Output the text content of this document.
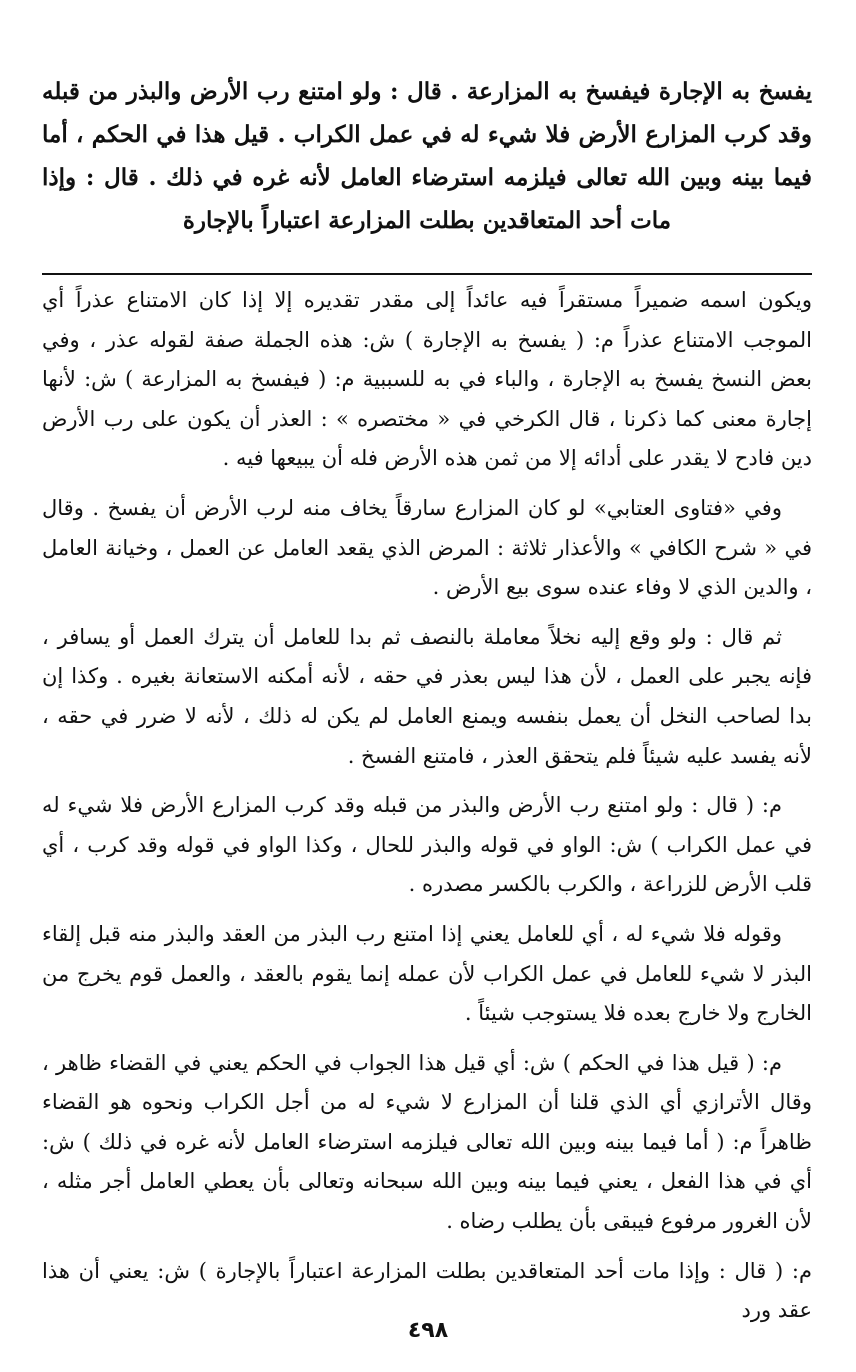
يفسخ به الإجارة فيفسخ به المزارعة . قال : ولو امتنع رب الأرض والبذر من قبله وقد كرب المزارع الأرض فلا شيء له في عمل الكراب . قيل هذا في الحكم ، أما فيما بينه وبين الله تعالى فيلزمه استرضاء العامل لأنه غره في ذلك . قال : وإذا مات أحد المتعاقدين بطلت المزارعة اعتباراً بالإجارة

ويكون اسمه ضميراً مستقراً فيه عائداً إلى مقدر تقديره إلا إذا كان الامتناع عذراً أي الموجب الامتناع عذراً م: ( يفسخ به الإجارة ) ش: هذه الجملة صفة لقوله عذر ، وفي بعض النسخ يفسخ به الإجارة ، والباء في به للسببية م: ( فيفسخ به المزارعة ) ش: لأنها إجارة معنى كما ذكرنا ، قال الكرخي في « مختصره » : العذر أن يكون على رب الأرض دين فادح لا يقدر على أدائه إلا من ثمن هذه الأرض فله أن يبيعها فيه .

وفي «فتاوى العتابي» لو كان المزارع سارقاً يخاف منه لرب الأرض أن يفسخ . وقال في « شرح الكافي » والأعذار ثلاثة : المرض الذي يقعد العامل عن العمل ، وخيانة العامل ، والدين الذي لا وفاء عنده سوى بيع الأرض .

ثم قال : ولو وقع إليه نخلاً معاملة بالنصف ثم بدا للعامل أن يترك العمل أو يسافر ، فإنه يجبر على العمل ، لأن هذا ليس بعذر في حقه ، لأنه أمكنه الاستعانة بغيره . وكذا إن بدا لصاحب النخل أن يعمل بنفسه ويمنع العامل لم يكن له ذلك ، لأنه لا ضرر في حقه ، لأنه يفسد عليه شيئاً فلم يتحقق العذر ، فامتنع الفسخ .

م: ( قال : ولو امتنع رب الأرض والبذر من قبله وقد كرب المزارع الأرض فلا شيء له في عمل الكراب ) ش: الواو في قوله والبذر للحال ، وكذا الواو في قوله وقد كرب ، أي قلب الأرض للزراعة ، والكرب بالكسر مصدره .

وقوله فلا شيء له ، أي للعامل يعني إذا امتنع رب البذر من العقد والبذر منه قبل إلقاء البذر لا شيء للعامل في عمل الكراب لأن عمله إنما يقوم بالعقد ، والعمل قوم يخرج من الخارج ولا خارج بعده فلا يستوجب شيئاً .

م: ( قيل هذا في الحكم ) ش: أي قيل هذا الجواب في الحكم يعني في القضاء ظاهر ، وقال الأترازي أي الذي قلنا أن المزارع لا شيء له من أجل الكراب ونحوه هو القضاء ظاهراً م: ( أما فيما بينه وبين الله تعالى فيلزمه استرضاء العامل لأنه غره في ذلك ) ش: أي في هذا الفعل ، يعني فيما بينه وبين الله سبحانه وتعالى بأن يعطي العامل أجر مثله ، لأن الغرور مرفوع فيبقى بأن يطلب رضاه .

م: ( قال : وإذا مات أحد المتعاقدين بطلت المزارعة اعتباراً بالإجارة ) ش: يعني أن هذا عقد ورد

٤٩٨
